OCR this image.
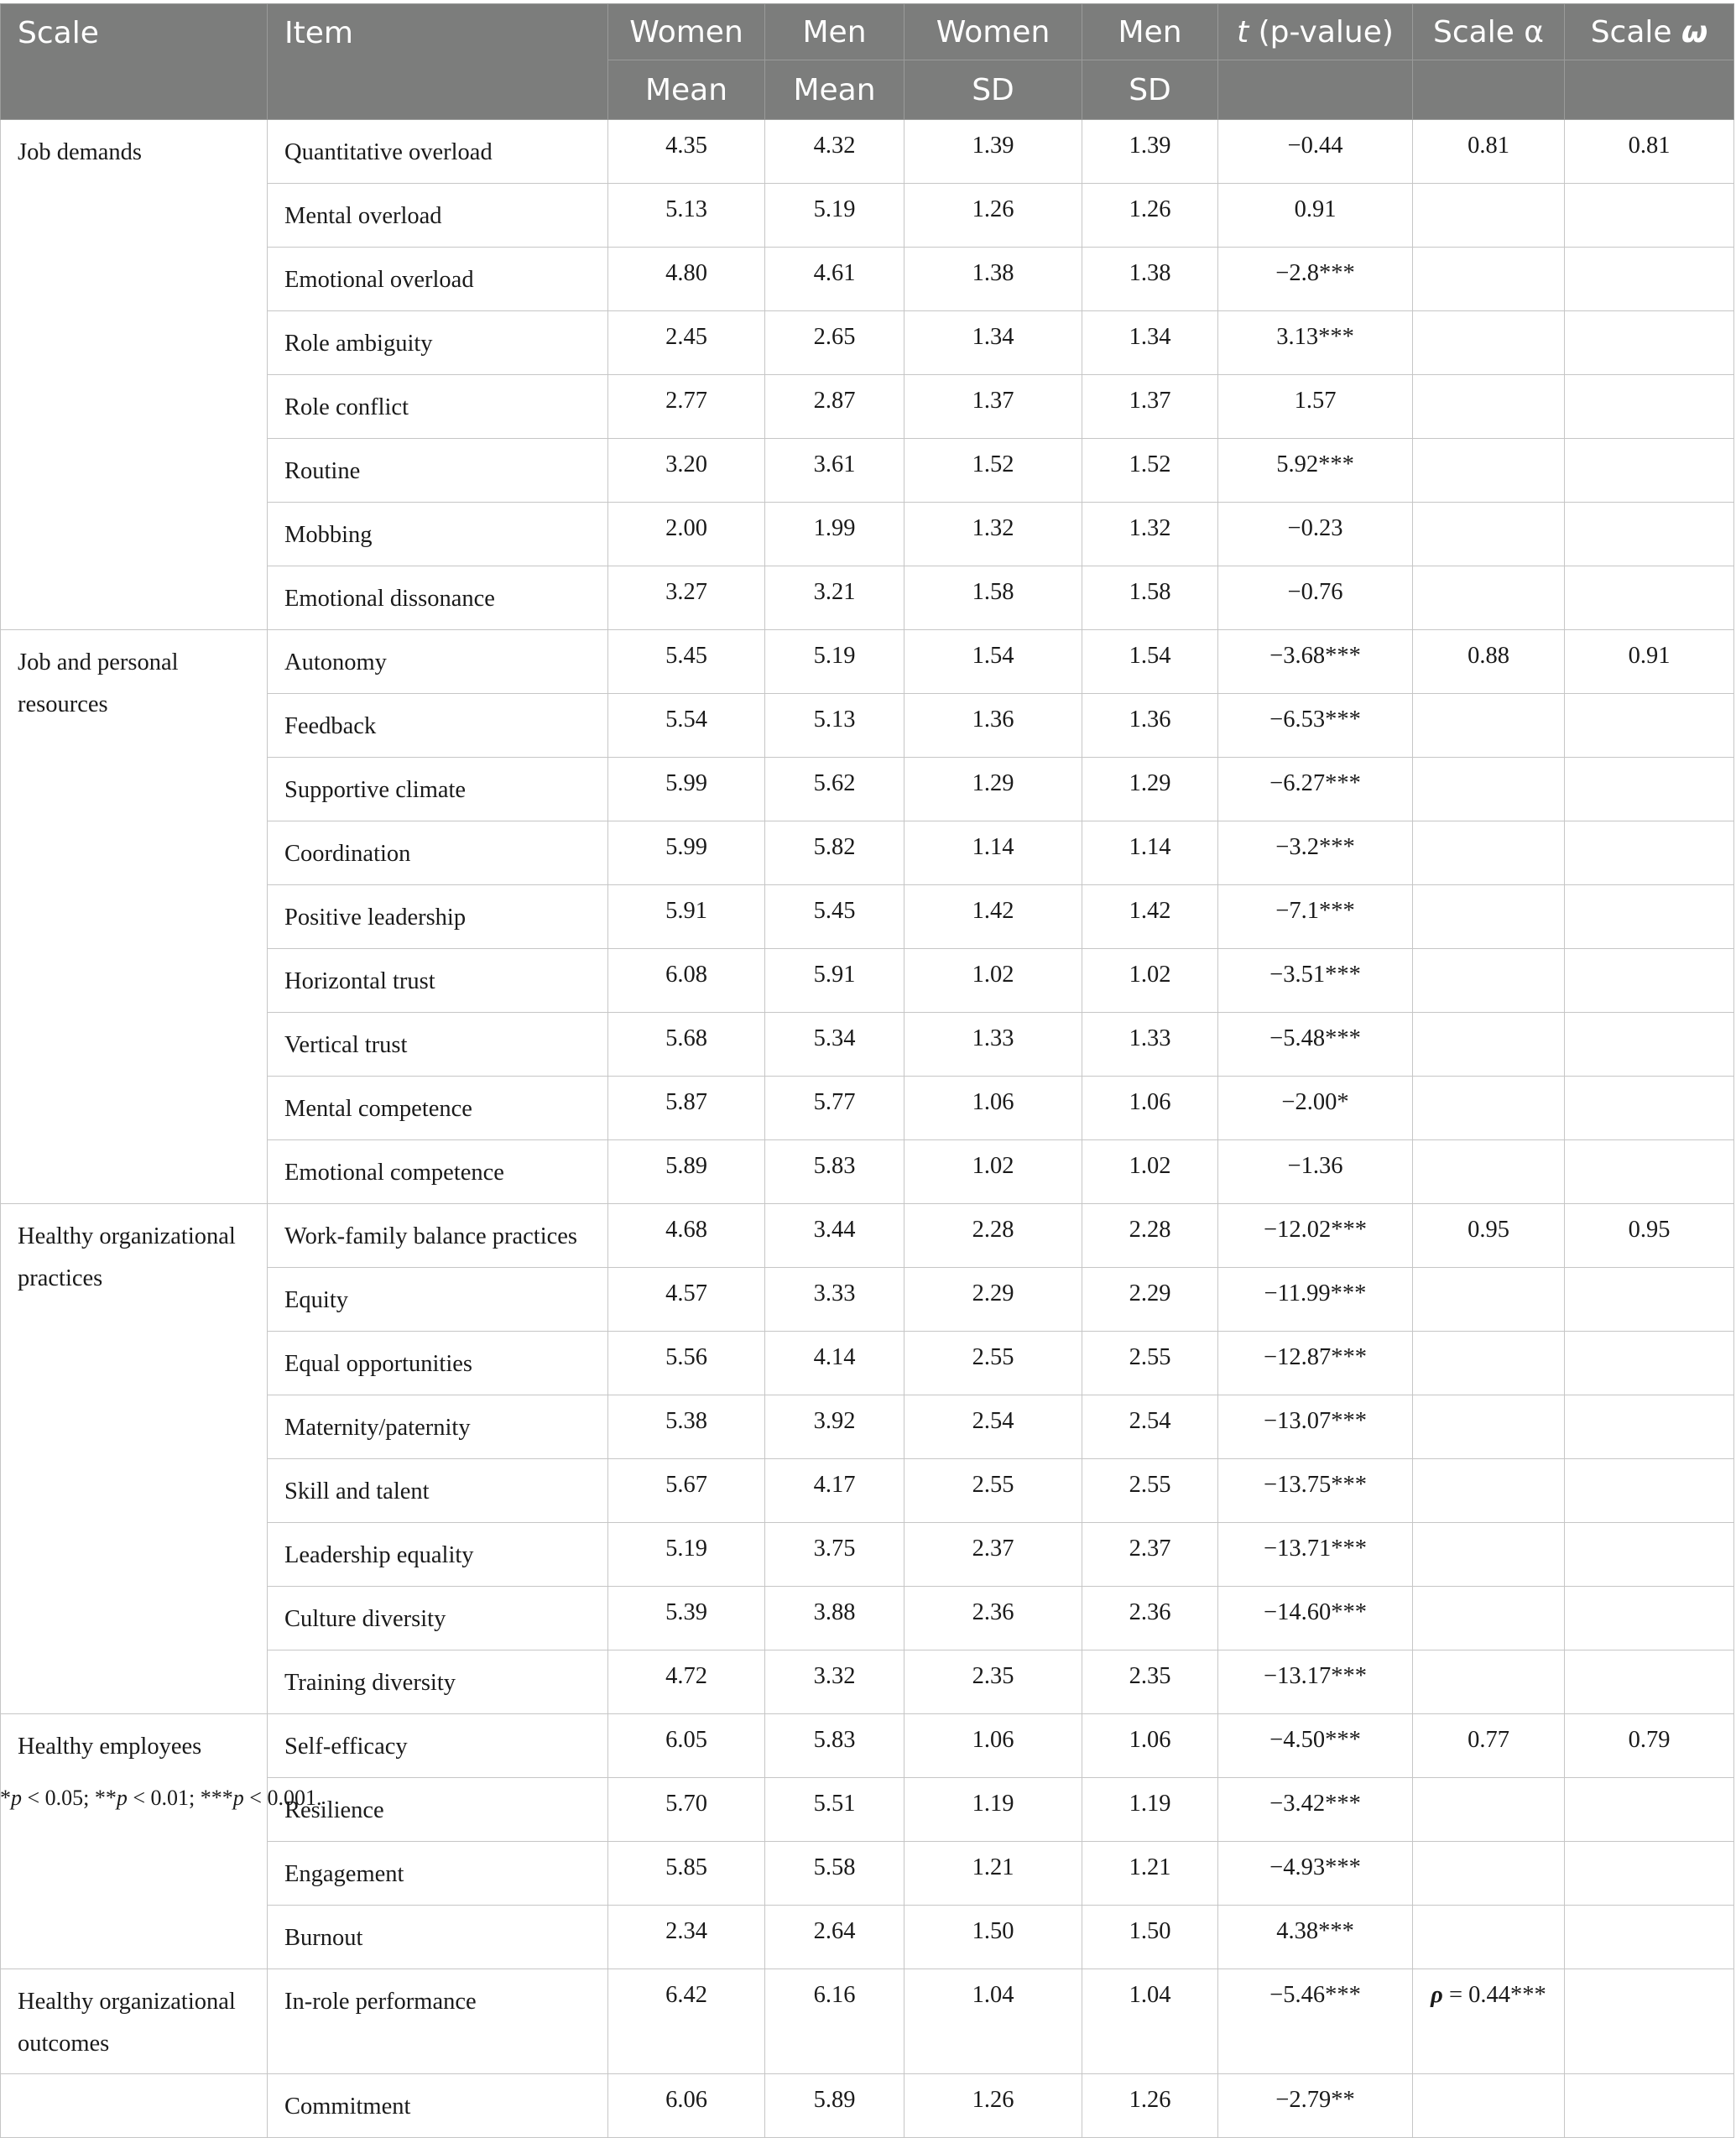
Scale	Item	Women	Men	Women	Men	t (p-value)	Scale α	Scale ω
		Mean	Mean	SD	SD			
Job demands	Quantitative overload	4.35	4.32	1.39	1.39	−0.44	0.81	0.81
	Mental overload	5.13	5.19	1.26	1.26	0.91		
	Emotional overload	4.80	4.61	1.38	1.38	−2.8***		
	Role ambiguity	2.45	2.65	1.34	1.34	3.13***		
	Role conflict	2.77	2.87	1.37	1.37	1.57		
	Routine	3.20	3.61	1.52	1.52	5.92***		
	Mobbing	2.00	1.99	1.32	1.32	−0.23		
	Emotional dissonance	3.27	3.21	1.58	1.58	−0.76		
Job and personal resources	Autonomy	5.45	5.19	1.54	1.54	−3.68***	0.88	0.91
	Feedback	5.54	5.13	1.36	1.36	−6.53***		
	Supportive climate	5.99	5.62	1.29	1.29	−6.27***		
	Coordination	5.99	5.82	1.14	1.14	−3.2***		
	Positive leadership	5.91	5.45	1.42	1.42	−7.1***		
	Horizontal trust	6.08	5.91	1.02	1.02	−3.51***		
	Vertical trust	5.68	5.34	1.33	1.33	−5.48***		
	Mental competence	5.87	5.77	1.06	1.06	−2.00*		
	Emotional competence	5.89	5.83	1.02	1.02	−1.36		
Healthy organizational practices	Work-family balance practices	4.68	3.44	2.28	2.28	−12.02***	0.95	0.95
	Equity	4.57	3.33	2.29	2.29	−11.99***		
	Equal opportunities	5.56	4.14	2.55	2.55	−12.87***		
	Maternity/paternity	5.38	3.92	2.54	2.54	−13.07***		
	Skill and talent	5.67	4.17	2.55	2.55	−13.75***		
	Leadership equality	5.19	3.75	2.37	2.37	−13.71***		
	Culture diversity	5.39	3.88	2.36	2.36	−14.60***		
	Training diversity	4.72	3.32	2.35	2.35	−13.17***		
Healthy employees	Self-efficacy	6.05	5.83	1.06	1.06	−4.50***	0.77	0.79
	Resilience	5.70	5.51	1.19	1.19	−3.42***		
	Engagement	5.85	5.58	1.21	1.21	−4.93***		
	Burnout	2.34	2.64	1.50	1.50	4.38***		
Healthy organizational outcomes	In-role performance	6.42	6.16	1.04	1.04	−5.46***	ρ = 0.44***	
	Commitment	6.06	5.89	1.26	1.26	−2.79**		
*p < 0.05; **p < 0.01; ***p < 0.001.
